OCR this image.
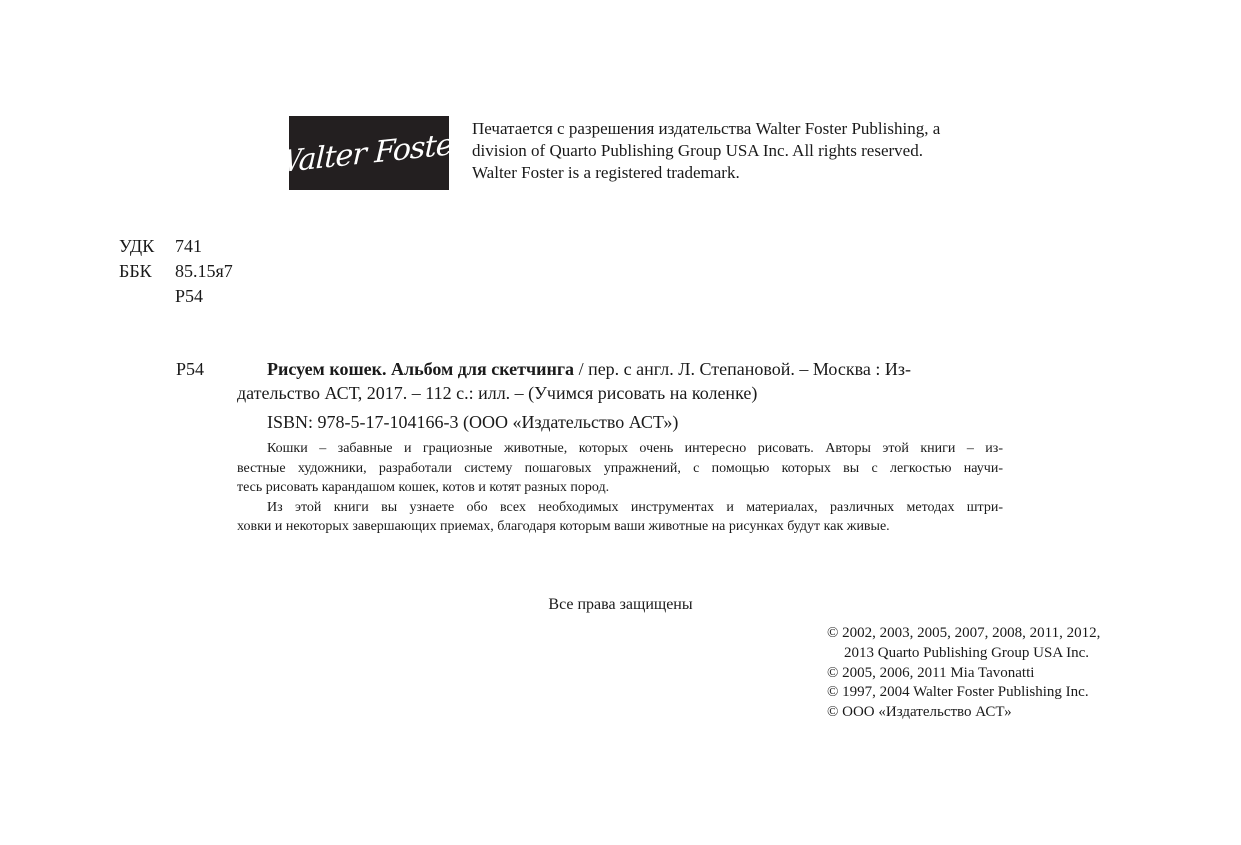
Walter Foster Печатается с разрешения издательства Walter Foster Publishing, a
division of Quarto Publishing Group USA Inc. All rights reserved.
Walter Foster is a registered trademark.
УДК	741
ББК	85.15я7
Р54
Р54	Рисуем кошек. Альбом для скетчинга / пер. с англ. Л. Степановой. – Москва : Из-
дательство АСТ, 2017. – 112 с.: илл. – (Учимся рисовать на коленке)
ISBN: 978-5-17-104166-3 (ООО «Издательство АСТ»)
Кошки – забавные и грациозные животные, которых очень интересно рисовать. Авторы этой книги – из-
вестные художники, разработали систему пошаговых упражнений, с помощью которых вы с легкостью научи-
тесь рисовать карандашом кошек, котов и котят разных пород.
Из этой книги вы узнаете обо всех необходимых инструментах и материалах, различных методах штри-
ховки и некоторых завершающих приемах, благодаря которым ваши животные на рисунках будут как живые.
Все права защищены
© 2002, 2003, 2005, 2007, 2008, 2011, 2012,
2013 Quarto Publishing Group USA Inc.
© 2005, 2006, 2011 Mia Tavonatti
© 1997, 2004 Walter Foster Publishing Inc.
© ООО «Издательство АСТ»
